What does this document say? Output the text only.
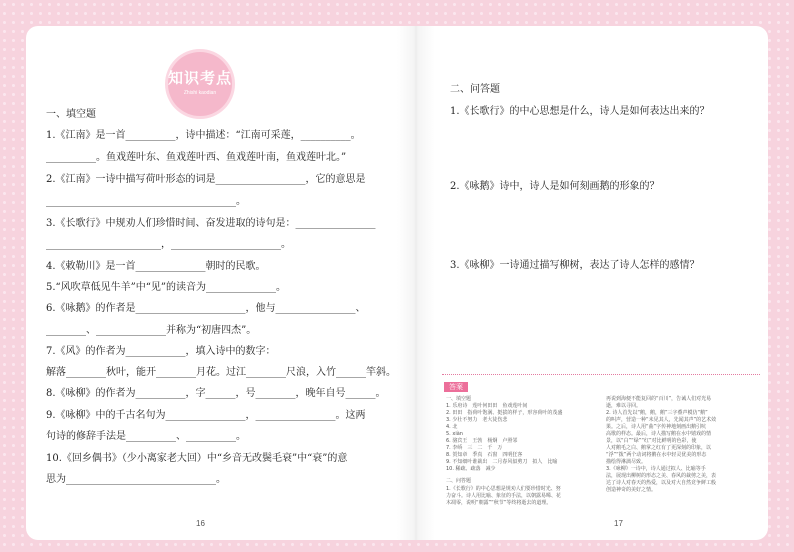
知识考点
Zhishi kaodian
一、填空题
1.《江南》是一首__________，诗中描述：“江南可采莲，__________。
__________。鱼戏莲叶东、鱼戏莲叶西、鱼戏莲叶南，鱼戏莲叶北。”
2.《江南》一诗中描写荷叶形态的词是__________________，它的意思是
______________________________________。
3.《长歌行》中规劝人们珍惜时间、奋发进取的诗句是：________________
_______________________，______________________。
4.《敕勒川》是一首______________朝时的民歌。
5.“风吹草低见牛羊”中“见”的读音为______________。
6.《咏鹅》的作者是______________________，他与________________、
________、______________并称为“初唐四杰”。
7.《风》的作者为____________，填入诗中的数字：
解落________秋叶，能开________月花。过江________尺浪，入竹______竿斜。
8.《咏柳》的作者为__________，字______，号________，晚年自号______。
9.《咏柳》中的千古名句为________________，________________。这两
句诗的修辞手法是__________、__________。
10.《回乡偶书》（少小离家老大回）中“乡音无改鬓毛衰”中“衰”的意
思为______________________________。
16
二、问答题
1.《长歌行》的中心思想是什么，诗人是如何表达出来的？
2.《咏鹅》诗中，诗人是如何刻画鹅的形象的？
3.《咏柳》一诗通过描写柳树，表达了诗人怎样的感情？
答案
一、填空题
1. 乐府诗　莲叶何田田　鱼戏莲叶间
2. 田田　指荷叶饱满、挺拔的样子，形容荷叶的茂盛
3. 少壮不努力　老大徒伤悲
4. 北
5. xiàn
6. 骆宾王　王勃　杨炯　卢照邻
7. 李峤　三　二　千　万
8. 贺知章　季真　石窗　四明狂客
9. 不知细叶谁裁出　二月春风似剪刀　拟人　比喻
10. 稀疏、疏落　减少
二、问答题
1.《长歌行》的中心思想是规劝人们要珍惜时光、努
力奋斗。诗人用比喻、象征的手法，以朝露易晞、花
木凋零，说明“朝露”“秋节”等终将逝去的道理。
再说到海便不能复回的“百川”，告诫人们对光易
逝，难以寻回。
2. 诗人首先以“鹅，鹅，鹅”三字叠声模仿“鹅”
的叫声，营造一种“未见其人，先闻其声”的艺术效
果。之后，诗人用“曲”字传神地刻画出鹅引吭
高歌的样态。最后，诗人描写鹅在水中嬉戏的情
景，以“白”“绿”“红”对比鲜明的色彩，使
人对鹅毛之白、鹅掌之红有了更深刻的印象，以
“浮”“拨”两个动词将鹅在水中轻灵优美的形态
描绘得淋漓尽致。
3.《咏柳》一诗中，诗人通过拟人、比喻等手
法，展现出柳树的形态之美、春风的裁剪之美，表
达了诗人对春天的热爱，以及对大自然竞争鲜工般
创造神奇的美好之情。
17
